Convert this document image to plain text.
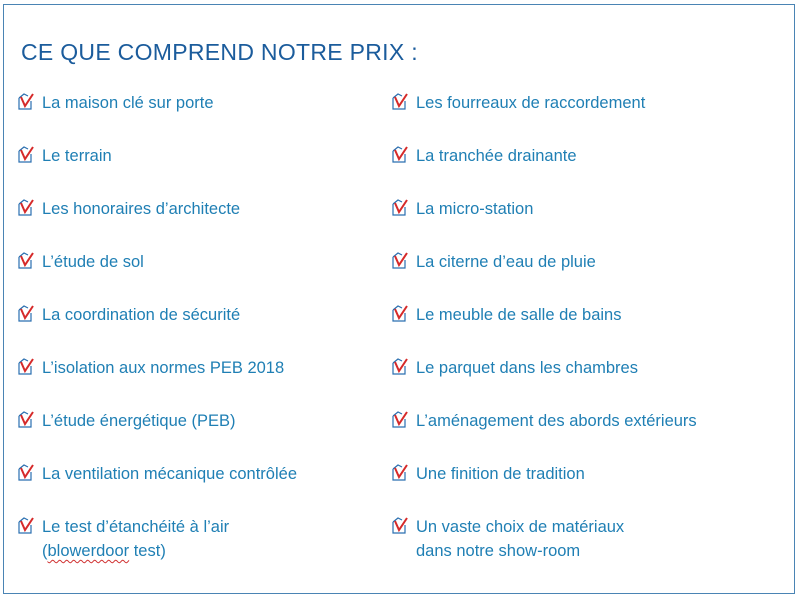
CE QUE COMPREND NOTRE PRIX :
La maison clé sur porte
Le terrain
Les honoraires d’architecte
L’étude de sol
La coordination de sécurité
L’isolation aux normes PEB 2018
L’étude énergétique (PEB)
La ventilation mécanique contrôlée
Le test d’étanchéité à l’air
(blowerdoor test)
Les fourreaux de raccordement
La tranchée drainante
La micro-station
La citerne d’eau de pluie
Le meuble de salle de bains
Le parquet dans les chambres
L’aménagement des abords extérieurs
Une finition de tradition
Un vaste choix de matériaux
dans notre show-room
